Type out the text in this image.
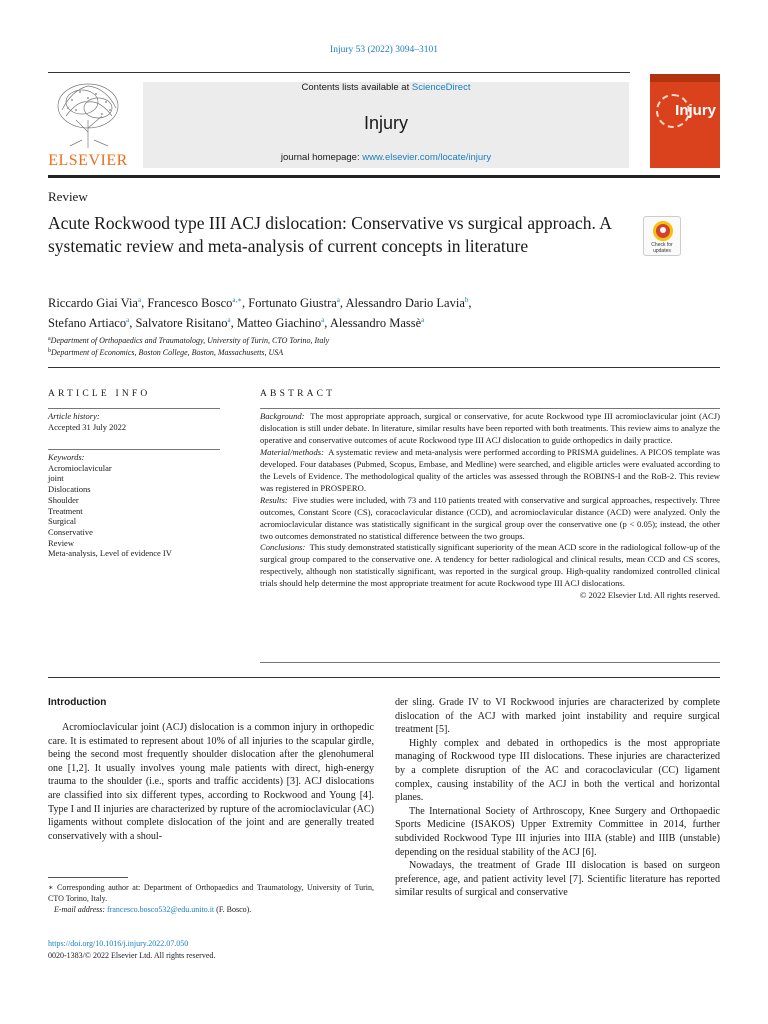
Injury 53 (2022) 3094–3101
ELSEVIER
Contents lists available at ScienceDirect
Injury
journal homepage: www.elsevier.com/locate/injury
Injury
Review
Acute Rockwood type III ACJ dislocation: Conservative vs surgical approach. A systematic review and meta-analysis of current concepts in literature	Check for updates
Riccardo Giai Via$^a$, Francesco Bosco$^{a,∗}$, Fortunato Giustra$^a$, Alessandro Dario Lavia$^b$,
Stefano Artiaco$^a$, Salvatore Risitano$^a$, Matteo Giachino$^a$, Alessandro Massè$^a$
$^a$Department of Orthopaedics and Traumatology, University of Turin, CTO Torino, Italy
$^b$Department of Economics, Boston College, Boston, Massachusetts, USA
ARTICLE INFO
Article history:
Accepted 31 July 2022
Keywords:
Acromioclavicular
joint
Dislocations
Shoulder
Treatment
Surgical
Conservative
Review
Meta-analysis, Level of evidence IV
ABSTRACT

Background: The most appropriate approach, surgical or conservative, for acute Rockwood type III acromioclavicular joint (ACJ) dislocation is still under debate. In literature, similar results have been reported with both treatments. This review aims to analyze the operative and conservative outcomes of acute Rockwood type III ACJ dislocation to guide orthopedics in daily practice.

Material/methods: A systematic review and meta-analysis were performed according to PRISMA guidelines. A PICOS template was developed. Four databases (Pubmed, Scopus, Embase, and Medline) were searched, and eligible articles were evaluated according to the Levels of Evidence. The methodological quality of the articles was assessed through the ROBINS-I and the RoB-2. This review was registered in PROSPERO.

Results: Five studies were included, with 73 and 110 patients treated with conservative and surgical approaches, respectively. Three outcomes, Constant Score (CS), coracoclavicular distance (CCD), and acromioclavicular distance (ACD) were analyzed. Only the acromioclavicular distance was statistically significant in the surgical group over the conservative one (p < 0.05); instead, the other two outcomes demonstrated no statistical difference between the two groups.

Conclusions: This study demonstrated statistically significant superiority of the mean ACD score in the radiological follow-up of the surgical group compared to the conservative one. A tendency for better radiological and clinical results, mean CCD and CS scores, respectively, although non statistically significant, was reported in the surgical group. High-quality randomized controlled clinical trials should help determine the most appropriate treatment for acute Rockwood type III ACJ dislocations.

© 2022 Elsevier Ltd. All rights reserved.

Introduction

Acromioclavicular joint (ACJ) dislocation is a common injury in orthopedic care. It is estimated to represent about 10% of all injuries to the scapular girdle, being the second most frequently shoulder dislocation after the glenohumeral one [1,2]. It usually involves young male patients with direct, high-energy trauma to the shoulder (i.e., sports and traffic accidents) [3]. ACJ dislocations are classified into six different types, according to Rockwood and Young [4]. Type I and II injuries are characterized by rupture of the acromioclavicular (AC) ligaments without complete dislocation of the joint and are generally treated conservatively with a shoul-

der sling. Grade IV to VI Rockwood injuries are characterized by complete dislocation of the ACJ with marked joint instability and require surgical treatment [5].

Highly complex and debated in orthopedics is the most appropriate managing of Rockwood type III dislocations. These injuries are characterized by a complete disruption of the AC and coracoclavicular (CC) ligament complex, causing instability of the ACJ in both the vertical and horizontal planes.

The International Society of Arthroscopy, Knee Surgery and Orthopaedic Sports Medicine (ISAKOS) Upper Extremity Committee in 2014, further subdivided Rockwood Type III injuries into IIIA (stable) and IIIB (unstable) depending on the residual stability of the ACJ [6].

Nowadays, the treatment of Grade III dislocation is based on surgeon preference, age, and patient activity level [7]. Scientific literature has reported similar results of surgical and conservative

∗ Corresponding author at: Department of Orthopaedics and Traumatology, University of Turin, CTO Torino, Italy.
E-mail address: francesco.bosco532@edu.unito.it (F. Bosco).
https://doi.org/10.1016/j.injury.2022.07.050
0020-1383/© 2022 Elsevier Ltd. All rights reserved.
